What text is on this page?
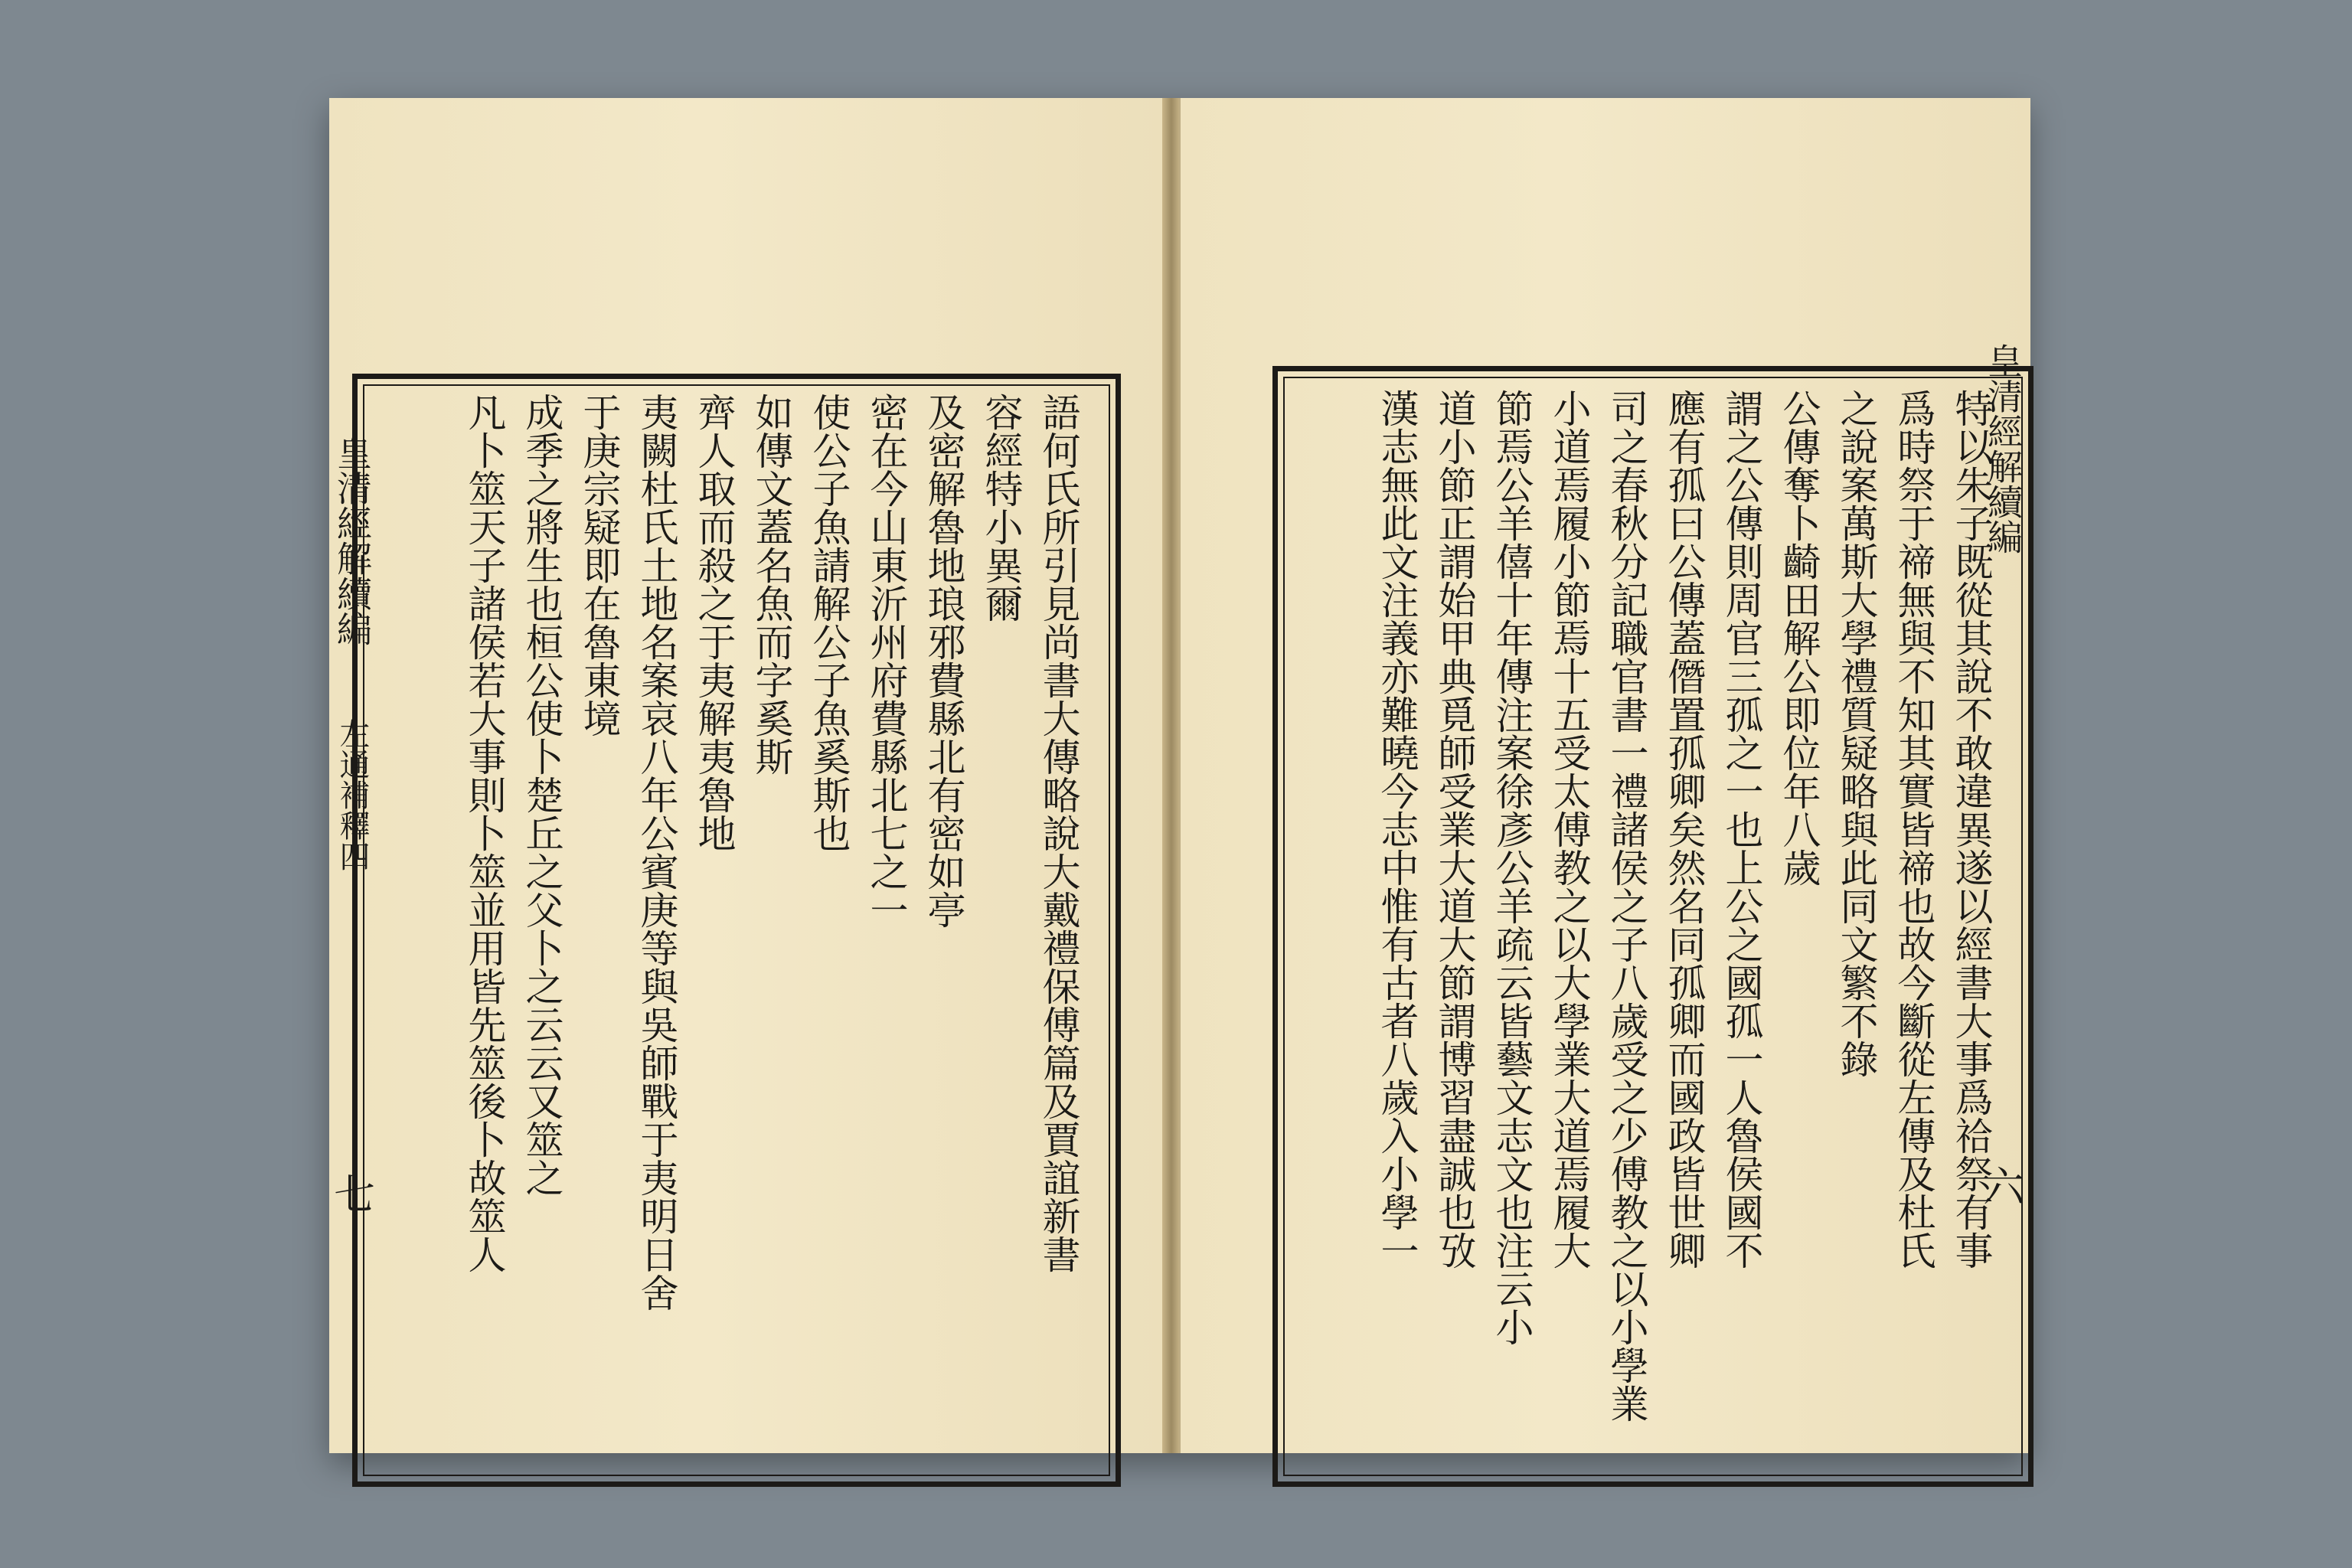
皇清經解續編
左通補釋四
七	語何氏所引見尚書大傳略說大戴禮保傅篇及賈誼新書
容經特小異爾
及密解魯地琅邪費縣北有密如亭
密在今山東沂州府費縣北七之一
使公子魚請解公子魚奚斯也
如傳文蓋名魚而字奚斯
齊人取而殺之于夷解夷魯地
夷闕杜氏土地名案哀八年公賓庚等與吳師戰于夷明日舍
于庚宗疑即在魯東境
成季之將生也桓公使卜楚丘之父卜之云云又筮之
凡卜筮天子諸侯若大事則卜筮並用皆先筮後卜故筮人	特以朱子既從其說不敢違異遂以經書大事爲祫祭有事
爲時祭于禘無與不知其實皆禘也故今斷從左傳及杜氏
之說案萬斯大學禮質疑略與此同文繁不錄
公傳奪卜齮田解公即位年八歲
謂之公傳則周官三孤之一也上公之國孤一人魯侯國不
應有孤曰公傳蓋僭置孤卿矣然名同孤卿而國政皆世卿
司之春秋分記職官書一禮諸侯之子八歲受之少傅教之以小學業
小道焉履小節焉十五受太傅教之以大學業大道焉履大
節焉公羊僖十年傳注案徐彥公羊疏云皆藝文志文也注云小
道小節正謂始甲典覓師受業大道大節謂博習盡誠也攷
漢志無此文注義亦難曉今志中惟有古者八歲入小學一	皇清經解續編
六
